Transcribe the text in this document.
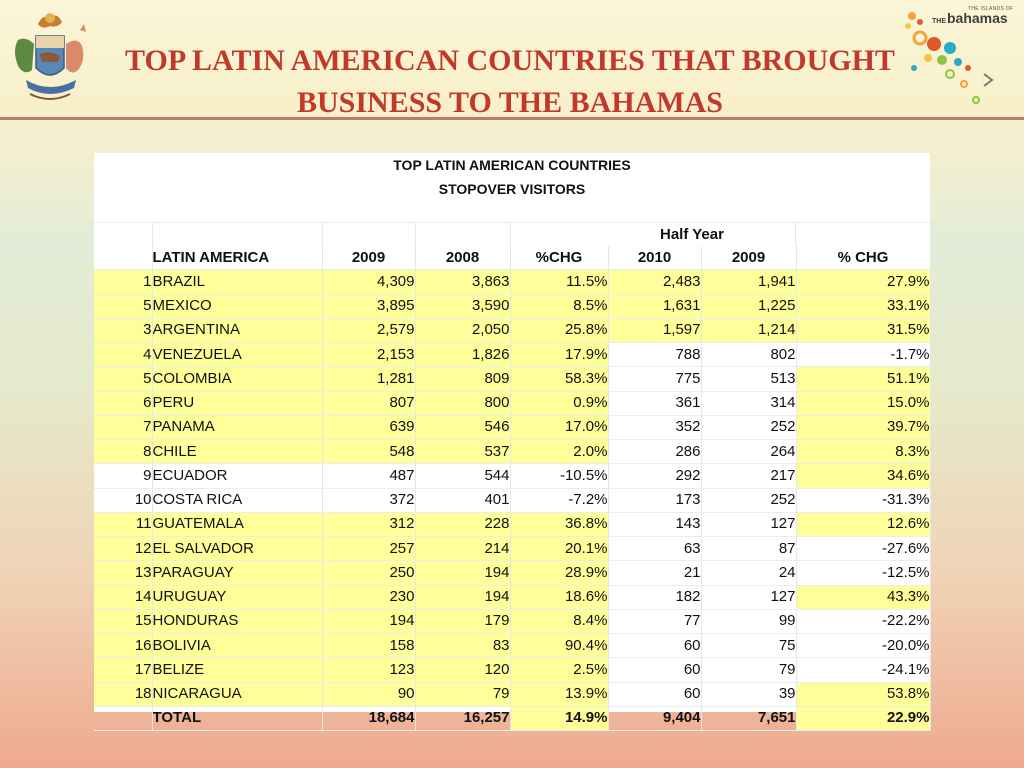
THE ISLANDS OF
THEbahamas
TOP LATIN AMERICAN COUNTRIES THAT BROUGHT BUSINESS TO THE BAHAMAS
TOP LATIN AMERICAN COUNTRIES
STOPOVER VISITORS
Half Year
	LATIN AMERICA	2009	2008	%CHG	2010	2009	% CHG
1	BRAZIL	4,309	3,863	11.5%	2,483	1,941	27.9%
5	MEXICO	3,895	3,590	8.5%	1,631	1,225	33.1%
3	ARGENTINA	2,579	2,050	25.8%	1,597	1,214	31.5%
4	VENEZUELA	2,153	1,826	17.9%	788	802	-1.7%
5	COLOMBIA	1,281	809	58.3%	775	513	51.1%
6	PERU	807	800	0.9%	361	314	15.0%
7	PANAMA	639	546	17.0%	352	252	39.7%
8	CHILE	548	537	2.0%	286	264	8.3%
9	ECUADOR	487	544	-10.5%	292	217	34.6%
10	COSTA RICA	372	401	-7.2%	173	252	-31.3%
11	GUATEMALA	312	228	36.8%	143	127	12.6%
12	EL SALVADOR	257	214	20.1%	63	87	-27.6%
13	PARAGUAY	250	194	28.9%	21	24	-12.5%
14	URUGUAY	230	194	18.6%	182	127	43.3%
15	HONDURAS	194	179	8.4%	77	99	-22.2%
16	BOLIVIA	158	83	90.4%	60	75	-20.0%
17	BELIZE	123	120	2.5%	60	79	-24.1%
18	NICARAGUA	90	79	13.9%	60	39	53.8%
	TOTAL	18,684	16,257	14.9%	9,404	7,651	22.9%
